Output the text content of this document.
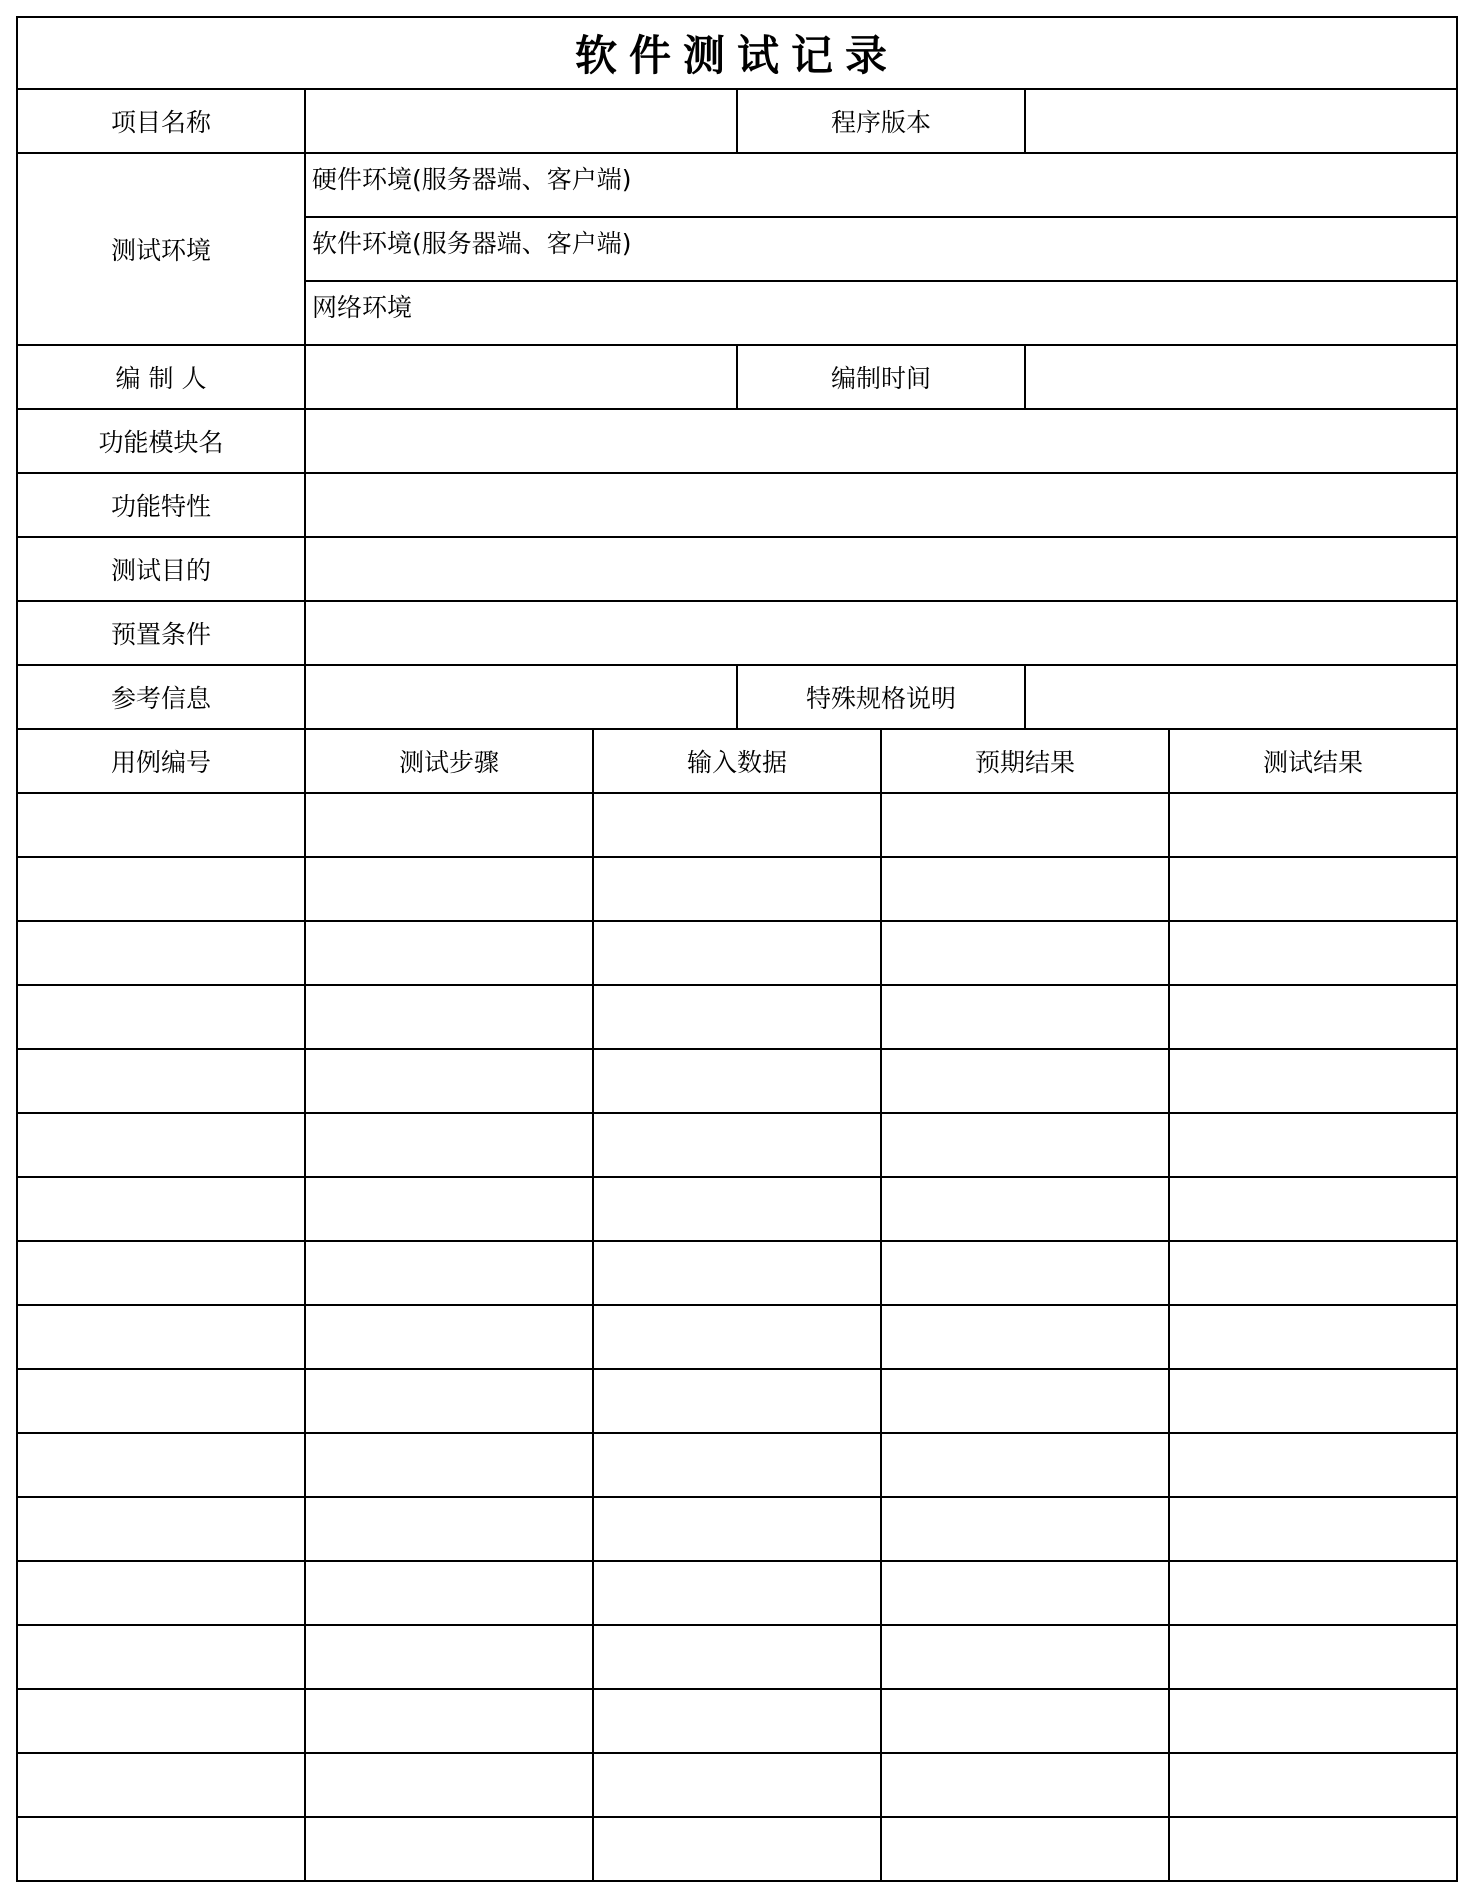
软件测试记录						
项目名称			程序版本			
测试环境	硬件环境(服务器端、客户端)					
	软件环境(服务器端、客户端)					
	网络环境					
编 制 人			编制时间			
功能模块名						
功能特性						
测试目的						
预置条件						
参考信息			特殊规格说明			
用例编号	测试步骤	输入数据		预期结果		测试结果
